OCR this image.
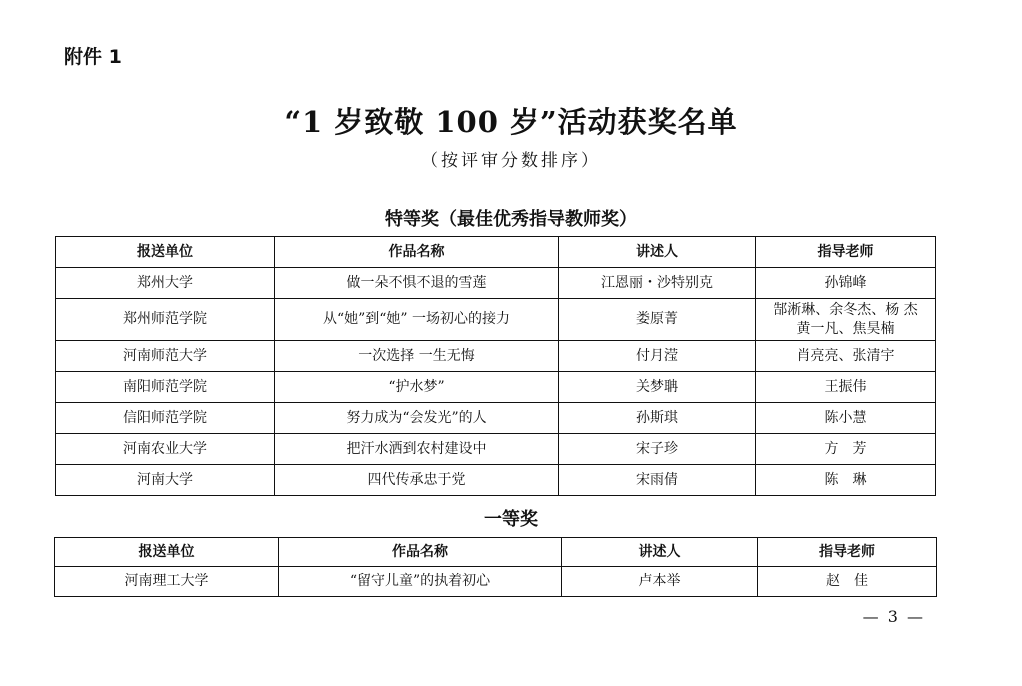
附件 1
“1 岁致敬 100 岁”活动获奖名单
（按评审分数排序）
特等奖（最佳优秀指导教师奖）
报送单位	作品名称	讲述人	指导老师
郑州大学	做一朵不惧不退的雪莲	江恩丽・沙特别克	孙锦峰
郑州师范学院	从“她”到“她” 一场初心的接力	娄原菁	郜淅琳、余冬杰、杨 杰
黄一凡、焦昊楠
河南师范大学	一次选择 一生无悔	付月滢	肖亮亮、张清宇
南阳师范学院	“护水梦”	关梦聃	王振伟
信阳师范学院	努力成为“会发光”的人	孙斯琪	陈小慧
河南农业大学	把汗水洒到农村建设中	宋子珍	方　芳
河南大学	四代传承忠于党	宋雨倩	陈　琳
一等奖
报送单位	作品名称	讲述人	指导老师
河南理工大学	“留守儿童”的执着初心	卢本举	赵　佳
— 3 —
